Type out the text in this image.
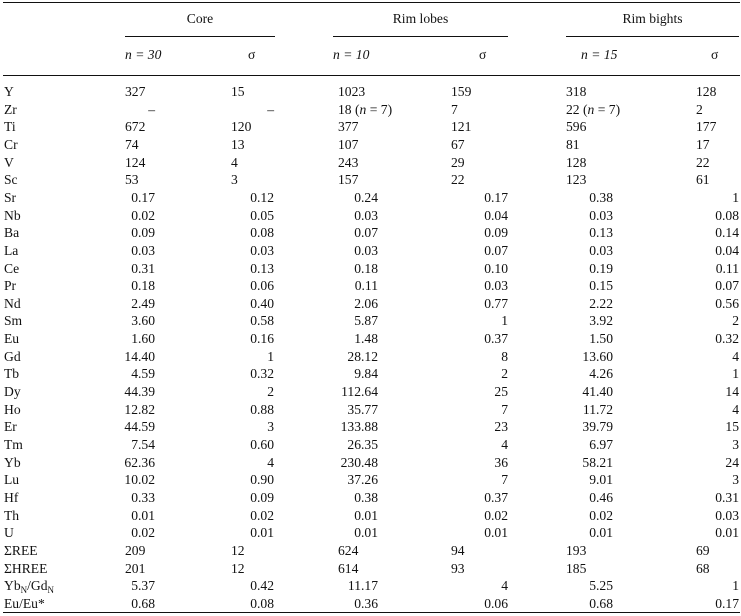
Core	Rim lobes	Rim bights
n = 30	σ	n = 10	σ	n = 15	σ
Y	327	15	1023	159	318	128
Zr	–	–	18 (n = 7)	7	22 (n = 7)	2
Ti	672	120	377	121	596	177
Cr	74	13	107	67	81	17
V	124	4	243	29	128	22
Sc	53	3	157	22	123	61
Sr	0.17	0.12	0.24	0.17	0.38	1
Nb	0.02	0.05	0.03	0.04	0.03	0.08
Ba	0.09	0.08	0.07	0.09	0.13	0.14
La	0.03	0.03	0.03	0.07	0.03	0.04
Ce	0.31	0.13	0.18	0.10	0.19	0.11
Pr	0.18	0.06	0.11	0.03	0.15	0.07
Nd	2.49	0.40	2.06	0.77	2.22	0.56
Sm	3.60	0.58	5.87	1	3.92	2
Eu	1.60	0.16	1.48	0.37	1.50	0.32
Gd	14.40	1	28.12	8	13.60	4
Tb	4.59	0.32	9.84	2	4.26	1
Dy	44.39	2	112.64	25	41.40	14
Ho	12.82	0.88	35.77	7	11.72	4
Er	44.59	3	133.88	23	39.79	15
Tm	7.54	0.60	26.35	4	6.97	3
Yb	62.36	4	230.48	36	58.21	24
Lu	10.02	0.90	37.26	7	9.01	3
Hf	0.33	0.09	0.38	0.37	0.46	0.31
Th	0.01	0.02	0.01	0.02	0.02	0.03
U	0.02	0.01	0.01	0.01	0.01	0.01
ΣREE	209	12	624	94	193	69
ΣHREE	201	12	614	93	185	68
$Yb_N/Gd_N$	5.37	0.42	11.17	4	5.25	1
Eu/Eu*	0.68	0.08	0.36	0.06	0.68	0.17
